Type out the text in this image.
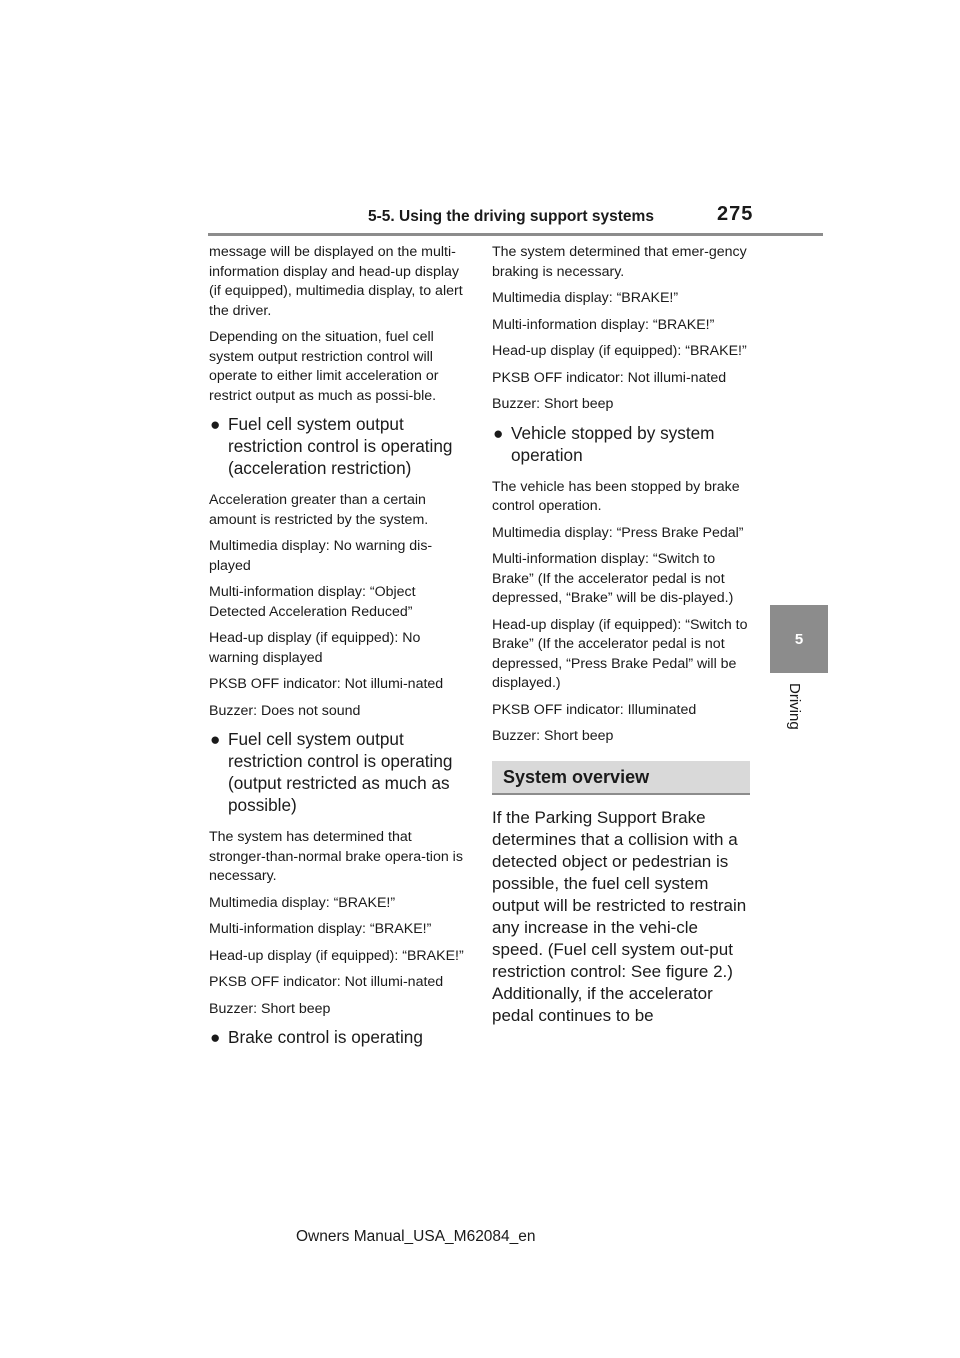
5-5. Using the driving support systems	275
5
Driving

message will be displayed on the multi-information display and head-up display (if equipped), multimedia display, to alert the driver.

Depending on the situation, fuel cell system output restriction control will operate to either limit acceleration or restrict output as much as possi-ble.

● Fuel cell system output restriction control is operating (acceleration restriction)

Acceleration greater than a certain amount is restricted by the system.

Multimedia display: No warning dis-played

Multi-information display: “Object Detected Acceleration Reduced”

Head-up display (if equipped): No warning displayed

PKSB OFF indicator: Not illumi-nated

Buzzer: Does not sound

● Fuel cell system output restriction control is operating (output restricted as much as possible)

The system has determined that stronger-than-normal brake opera-tion is necessary.

Multimedia display: “BRAKE!”

Multi-information display: “BRAKE!”

Head-up display (if equipped): “BRAKE!”

PKSB OFF indicator: Not illumi-nated

Buzzer: Short beep

● Brake control is operating

The system determined that emer-gency braking is necessary.

Multimedia display: “BRAKE!”

Multi-information display: “BRAKE!”

Head-up display (if equipped): “BRAKE!”

PKSB OFF indicator: Not illumi-nated

Buzzer: Short beep

● Vehicle stopped by system operation

The vehicle has been stopped by brake control operation.

Multimedia display: “Press Brake Pedal”

Multi-information display: “Switch to Brake” (If the accelerator pedal is not depressed, “Brake” will be dis-played.)

Head-up display (if equipped): “Switch to Brake” (If the accelerator pedal is not depressed, “Press Brake Pedal” will be displayed.)

PKSB OFF indicator: Illuminated

Buzzer: Short beep

System overview

If the Parking Support Brake determines that a collision with a detected object or pedestrian is possible, the fuel cell system output will be restricted to restrain any increase in the vehi-cle speed. (Fuel cell system out-put restriction control: See figure 2.) Additionally, if the accelerator pedal continues to be

Owners Manual_USA_M62084_en
